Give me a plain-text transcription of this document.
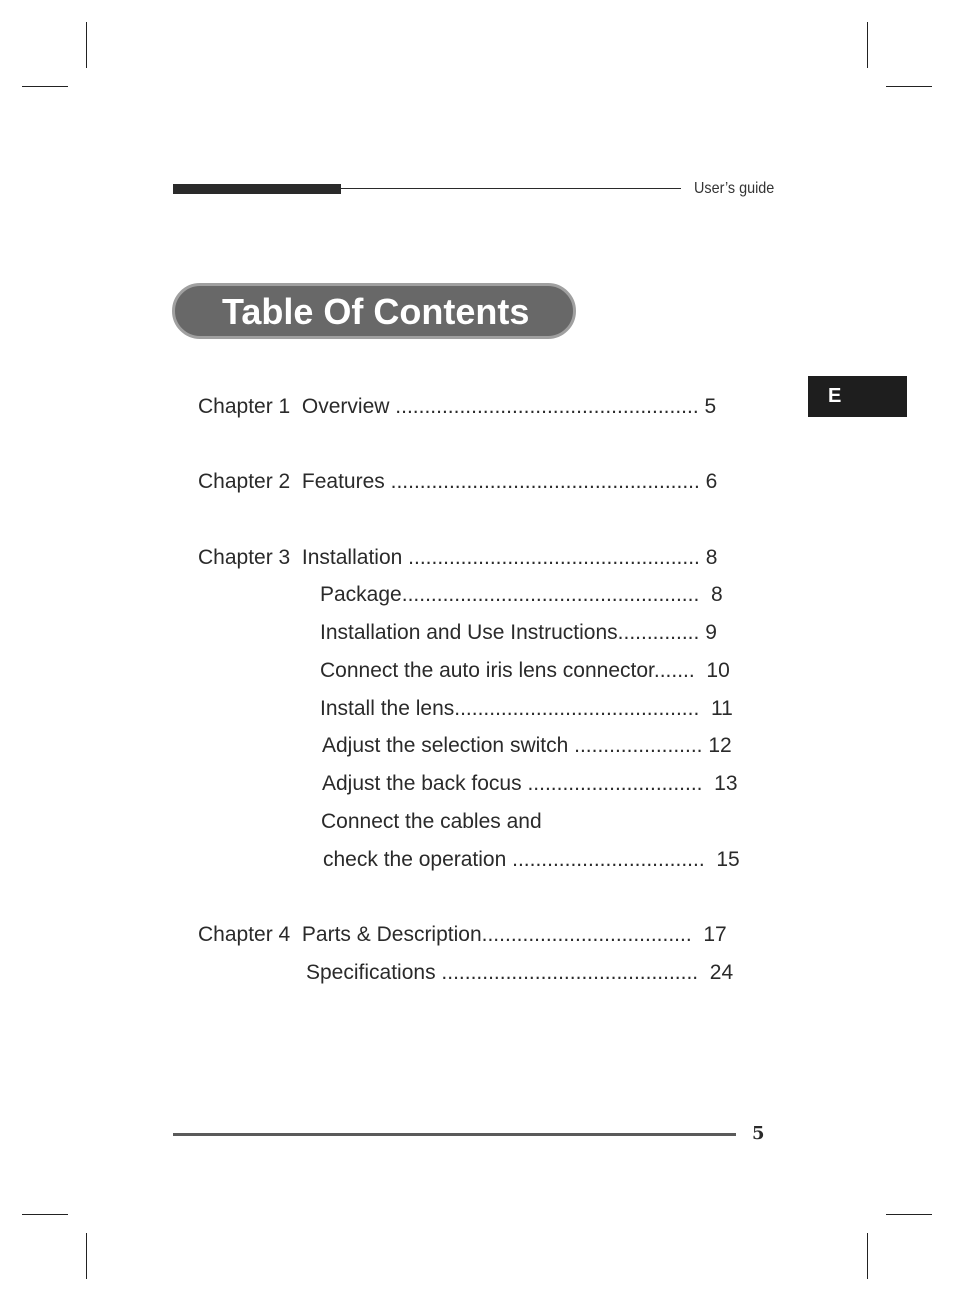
User’s guide
Table Of Contents
E
Chapter 1 Overview .................................................... 5
Chapter 2 Features ..................................................... 6
Chapter 3 Installation .................................................. 8
Package...................................................  8
Installation and Use Instructions.............. 9
Connect the auto iris lens connector.......  10
Install the lens..........................................  11
Adjust the selection switch ...................... 12
Adjust the back focus ..............................  13
Connect the cables and
check the operation .................................  15
Chapter 4 Parts & Description....................................  17
Specifications ............................................  24
5
